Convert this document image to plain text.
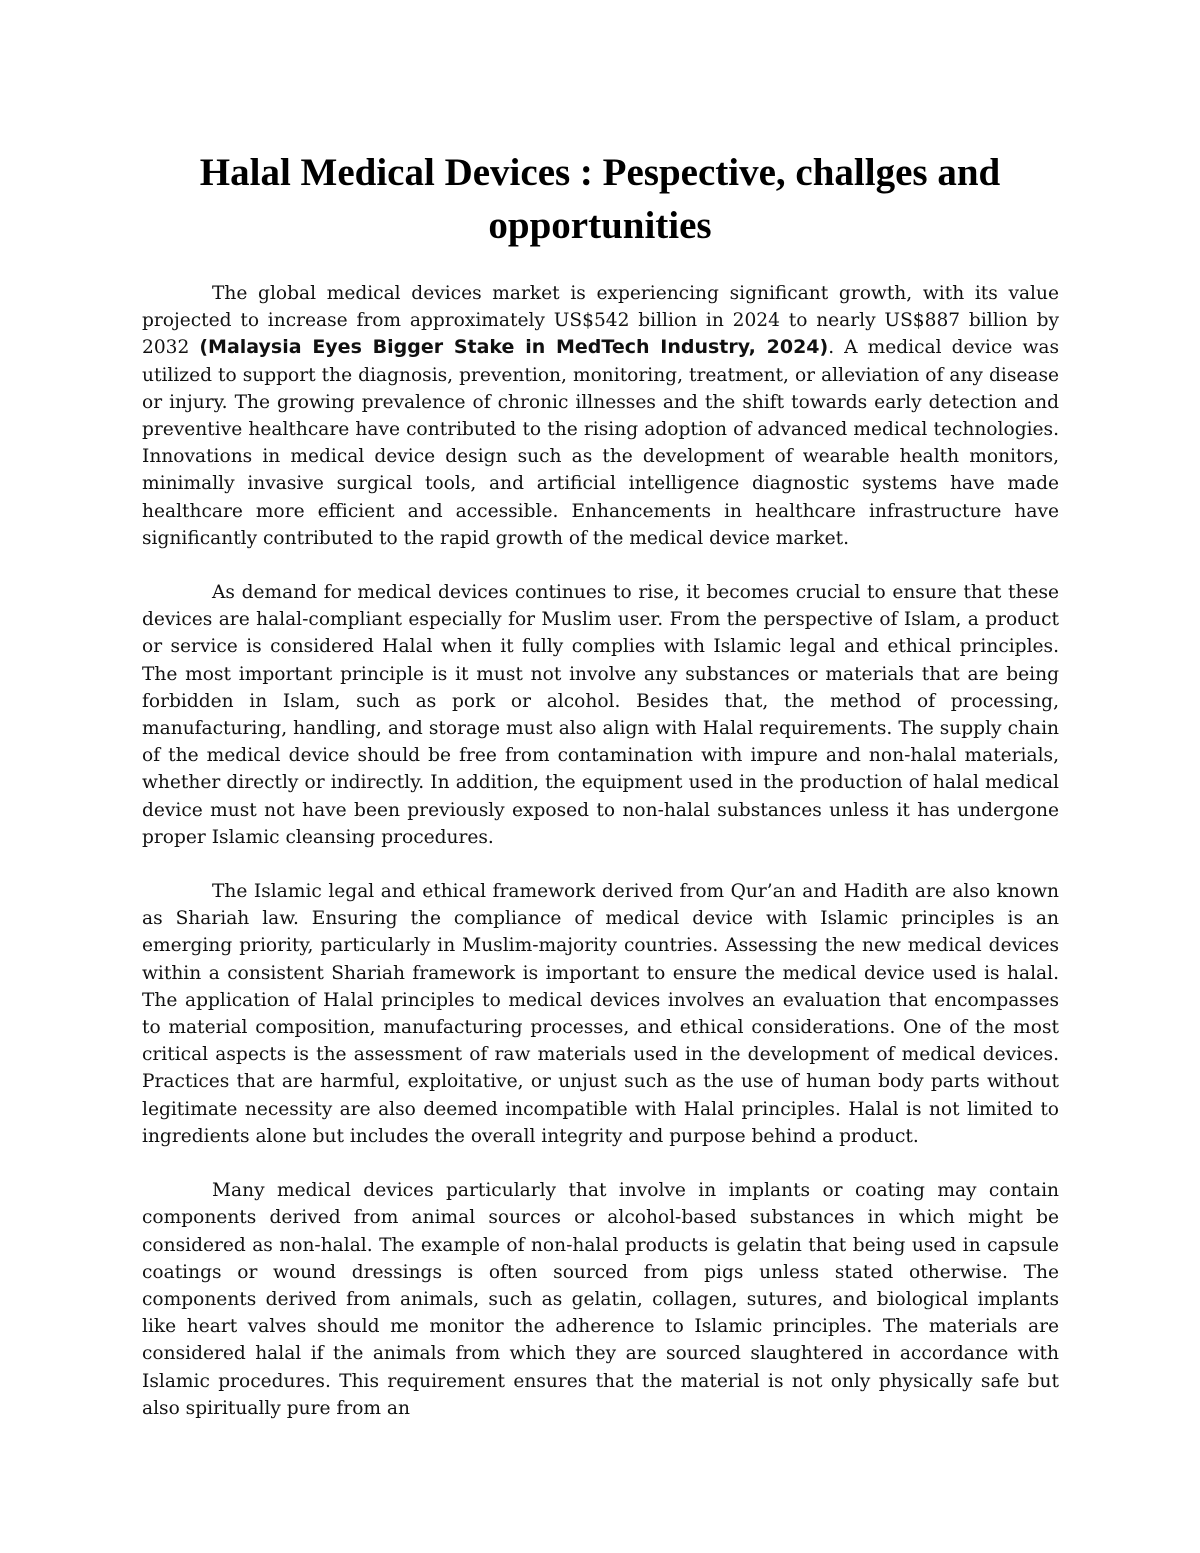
Halal Medical Devices : Pespective, challges and opportunities

The global medical devices market is experiencing significant growth, with its value projected to increase from approximately US$542 billion in 2024 to nearly US$887 billion by 2032 (Malaysia Eyes Bigger Stake in MedTech Industry, 2024). A medical device was utilized to support the diagnosis, prevention, monitoring, treatment, or alleviation of any disease or injury. The growing prevalence of chronic illnesses and the shift towards early detection and preventive healthcare have contributed to the rising adoption of advanced medical technologies. Innovations in medical device design such as the development of wearable health monitors, minimally invasive surgical tools, and artificial intelligence diagnostic systems have made healthcare more efficient and accessible. Enhancements in healthcare infrastructure have significantly contributed to the rapid growth of the medical device market.

As demand for medical devices continues to rise, it becomes crucial to ensure that these devices are halal-compliant especially for Muslim user. From the perspective of Islam, a product or service is considered Halal when it fully complies with Islamic legal and ethical principles. The most important principle is it must not involve any substances or materials that are being forbidden in Islam, such as pork or alcohol. Besides that, the method of processing, manufacturing, handling, and storage must also align with Halal requirements. The supply chain of the medical device should be free from contamination with impure and non-halal materials, whether directly or indirectly. In addition, the equipment used in the production of halal medical device must not have been previously exposed to non-halal substances unless it has undergone proper Islamic cleansing procedures.

The Islamic legal and ethical framework derived from Qur’an and Hadith are also known as Shariah law. Ensuring the compliance of medical device with Islamic principles is an emerging priority, particularly in Muslim-majority countries. Assessing the new medical devices within a consistent Shariah framework is important to ensure the medical device used is halal. The application of Halal principles to medical devices involves an evaluation that encompasses to material composition, manufacturing processes, and ethical considerations. One of the most critical aspects is the assessment of raw materials used in the development of medical devices. Practices that are harmful, exploitative, or unjust such as the use of human body parts without legitimate necessity are also deemed incompatible with Halal principles. Halal is not limited to ingredients alone but includes the overall integrity and purpose behind a product.

Many medical devices particularly that involve in implants or coating may contain components derived from animal sources or alcohol-based substances in which might be considered as non-halal. The example of non-halal products is gelatin that being used in capsule coatings or wound dressings is often sourced from pigs unless stated otherwise. The components derived from animals, such as gelatin, collagen, sutures, and biological implants like heart valves should me monitor the adherence to Islamic principles. The materials are considered halal if the animals from which they are sourced slaughtered in accordance with Islamic procedures. This requirement ensures that the material is not only physically safe but also spiritually pure from an
